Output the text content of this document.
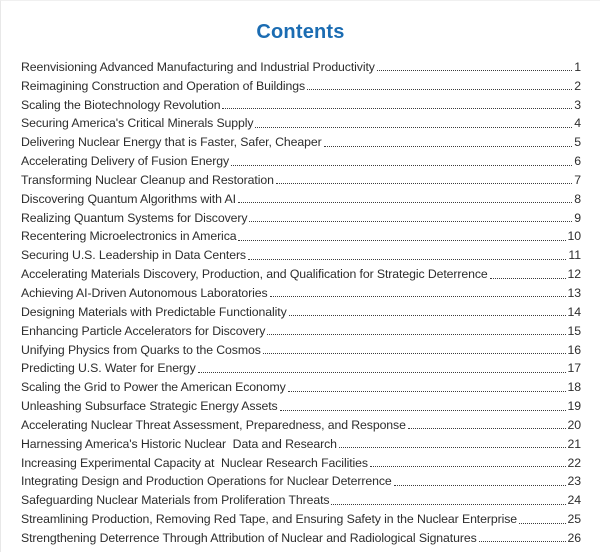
Contents
Reenvisioning Advanced Manufacturing and Industrial Productivity	1
Reimagining Construction and Operation of Buildings	2
Scaling the Biotechnology Revolution	3
Securing America's Critical Minerals Supply	4
Delivering Nuclear Energy that is Faster, Safer, Cheaper	5
Accelerating Delivery of Fusion Energy	6
Transforming Nuclear Cleanup and Restoration	7
Discovering Quantum Algorithms with AI	8
Realizing Quantum Systems for Discovery	9
Recentering Microelectronics in America	10
Securing U.S. Leadership in Data Centers	11
Accelerating Materials Discovery, Production, and Qualification for Strategic Deterrence	12
Achieving AI-Driven Autonomous Laboratories	13
Designing Materials with Predictable Functionality	14
Enhancing Particle Accelerators for Discovery	15
Unifying Physics from Quarks to the Cosmos	16
Predicting U.S. Water for Energy	17
Scaling the Grid to Power the American Economy	18
Unleashing Subsurface Strategic Energy Assets	19
Accelerating Nuclear Threat Assessment, Preparedness, and Response	20
Harnessing America's Historic Nuclear  Data and Research	21
Increasing Experimental Capacity at  Nuclear Research Facilities	22
Integrating Design and Production Operations for Nuclear Deterrence	23
Safeguarding Nuclear Materials from Proliferation Threats	24
Streamlining Production, Removing Red Tape, and Ensuring Safety in the Nuclear Enterprise	25
Strengthening Deterrence Through Attribution of Nuclear and Radiological Signatures	26
